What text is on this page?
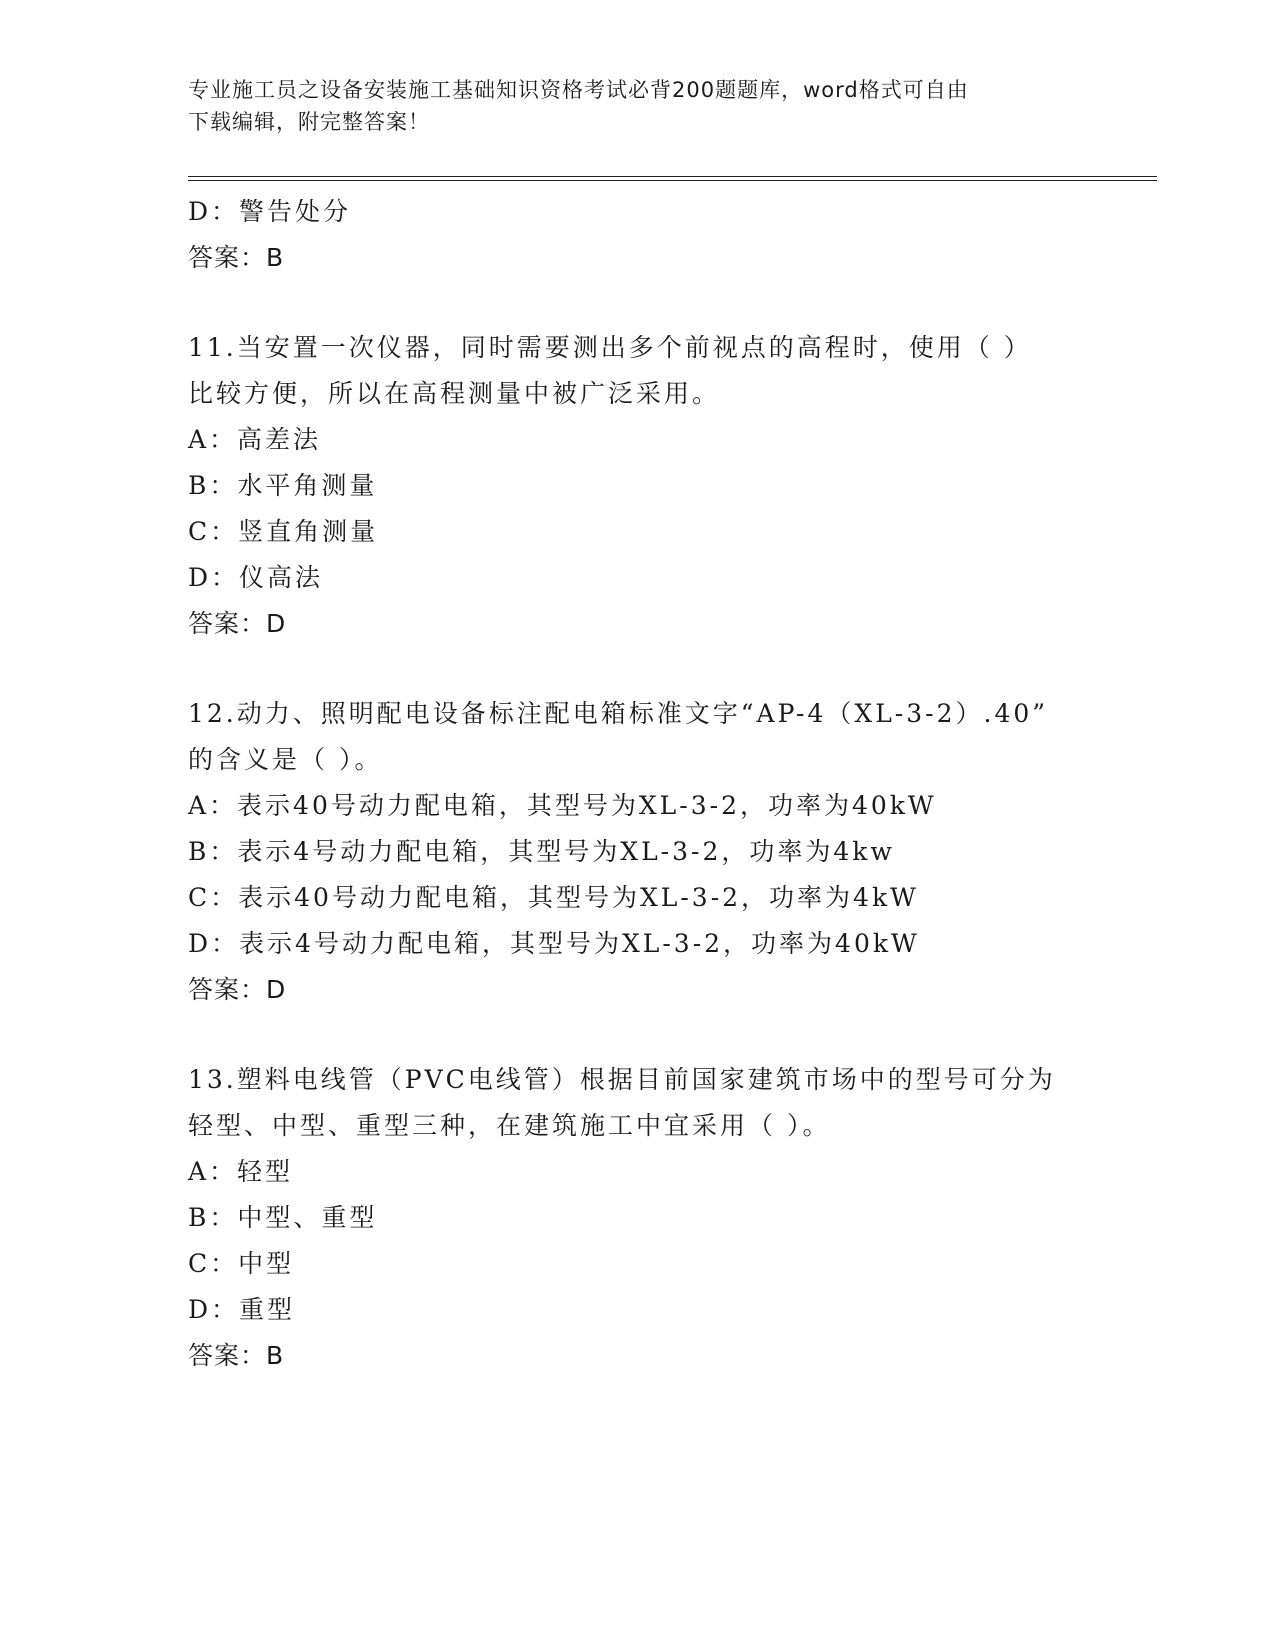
专业施工员之设备安装施工基础知识资格考试必背200题题库，word格式可自由
下载编辑，附完整答案！
D：警告处分
答案：B
11.当安置一次仪器，同时需要测出多个前视点的高程时，使用（ ）
比较方便，所以在高程测量中被广泛采用。
A：高差法
B：水平角测量
C：竖直角测量
D：仪高法
答案：D
12.动力、照明配电设备标注配电箱标准文字“AP-4（XL-3-2）.40”
的含义是（ ）。
A：表示40号动力配电箱，其型号为XL-3-2，功率为40kW
B：表示4号动力配电箱，其型号为XL-3-2，功率为4kw
C：表示40号动力配电箱，其型号为XL-3-2，功率为4kW
D：表示4号动力配电箱，其型号为XL-3-2，功率为40kW
答案：D
13.塑料电线管（PVC电线管）根据目前国家建筑市场中的型号可分为
轻型、中型、重型三种，在建筑施工中宜采用（ ）。
A：轻型
B：中型、重型
C：中型
D：重型
答案：B
